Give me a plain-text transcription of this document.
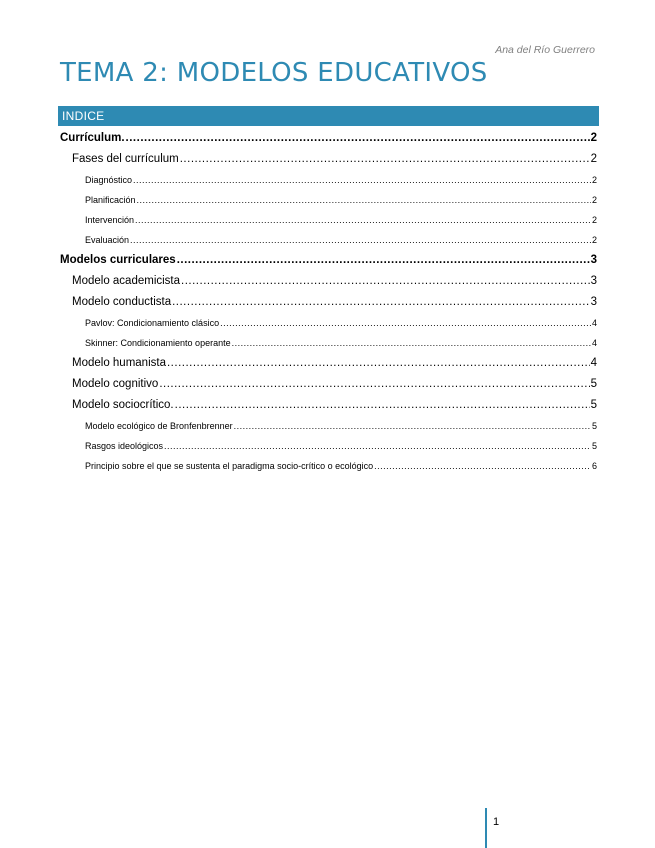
Ana del Río Guerrero
TEMA 2: MODELOS EDUCATIVOS
INDICE
Currículum. .....	2
Fases del currículum .....	2
Diagnóstico .....	2
Planificación .....	2
Intervención .....	2
Evaluación .....	2
Modelos curriculares .....	3
Modelo academicista .....	3
Modelo conductista .....	3
Pavlov: Condicionamiento clásico .....	4
Skinner: Condicionamiento operante .....	4
Modelo humanista .....	4
Modelo cognitivo .....	5
Modelo sociocrítico. .....	5
Modelo ecológico de Bronfenbrenner .....	5
Rasgos ideológicos .....	5
Principio sobre el que se sustenta el paradigma socio-crítico o ecológico .....	6
1
